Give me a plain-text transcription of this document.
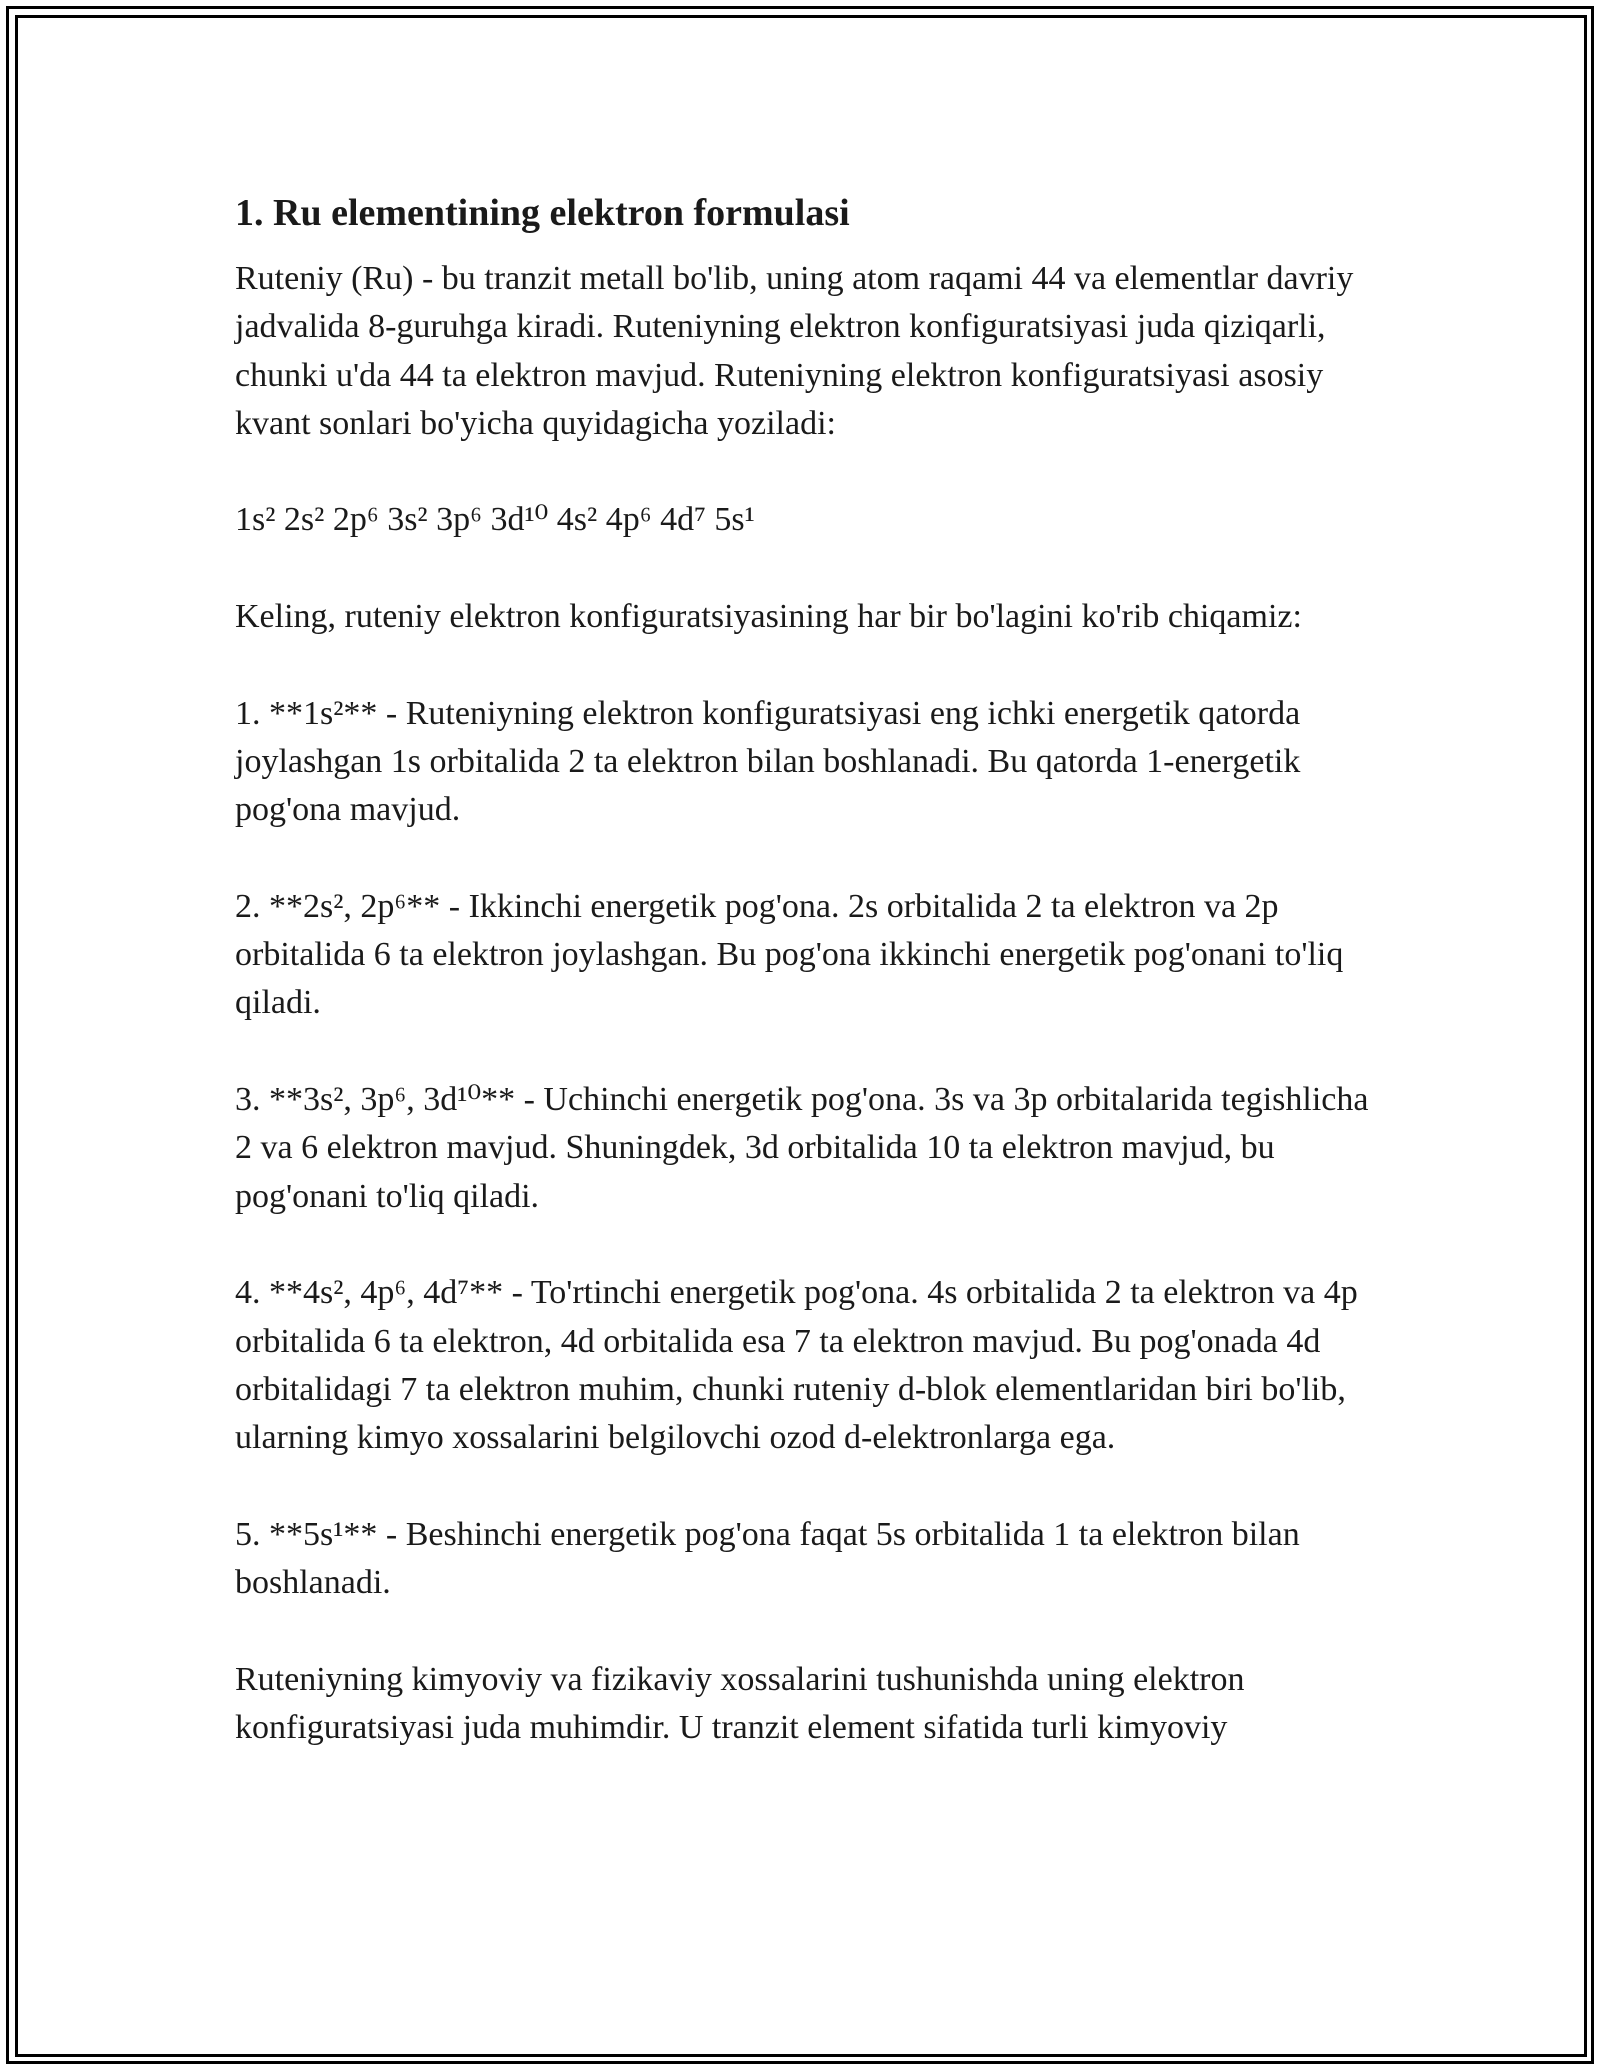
1. Ru elementining elektron formulasi

Ruteniy (Ru) - bu tranzit metall bo'lib, uning atom raqami 44 va elementlar davriy jadvalida 8-guruhga kiradi. Ruteniyning elektron konfiguratsiyasi juda qiziqarli, chunki u'da 44 ta elektron mavjud. Ruteniyning elektron konfiguratsiyasi asosiy kvant sonlari bo'yicha quyidagicha yoziladi:

1s² 2s² 2p⁶ 3s² 3p⁶ 3d¹⁰ 4s² 4p⁶ 4d⁷ 5s¹

Keling, ruteniy elektron konfiguratsiyasining har bir bo'lagini ko'rib chiqamiz:

1. **1s²** - Ruteniyning elektron konfiguratsiyasi eng ichki energetik qatorda joylashgan 1s orbitalida 2 ta elektron bilan boshlanadi. Bu qatorda 1-energetik pog'ona mavjud.

2. **2s², 2p⁶** - Ikkinchi energetik pog'ona. 2s orbitalida 2 ta elektron va 2p orbitalida 6 ta elektron joylashgan. Bu pog'ona ikkinchi energetik pog'onani to'liq qiladi.

3. **3s², 3p⁶, 3d¹⁰** - Uchinchi energetik pog'ona. 3s va 3p orbitalarida tegishlicha 2 va 6 elektron mavjud. Shuningdek, 3d orbitalida 10 ta elektron mavjud, bu pog'onani to'liq qiladi.

4. **4s², 4p⁶, 4d⁷** - To'rtinchi energetik pog'ona. 4s orbitalida 2 ta elektron va 4p orbitalida 6 ta elektron, 4d orbitalida esa 7 ta elektron mavjud. Bu pog'onada 4d orbitalidagi 7 ta elektron muhim, chunki ruteniy d-blok elementlaridan biri bo'lib, ularning kimyo xossalarini belgilovchi ozod d-elektronlarga ega.

5. **5s¹** - Beshinchi energetik pog'ona faqat 5s orbitalida 1 ta elektron bilan boshlanadi.

Ruteniyning kimyoviy va fizikaviy xossalarini tushunishda uning elektron konfiguratsiyasi juda muhimdir. U tranzit element sifatida turli kimyoviy
